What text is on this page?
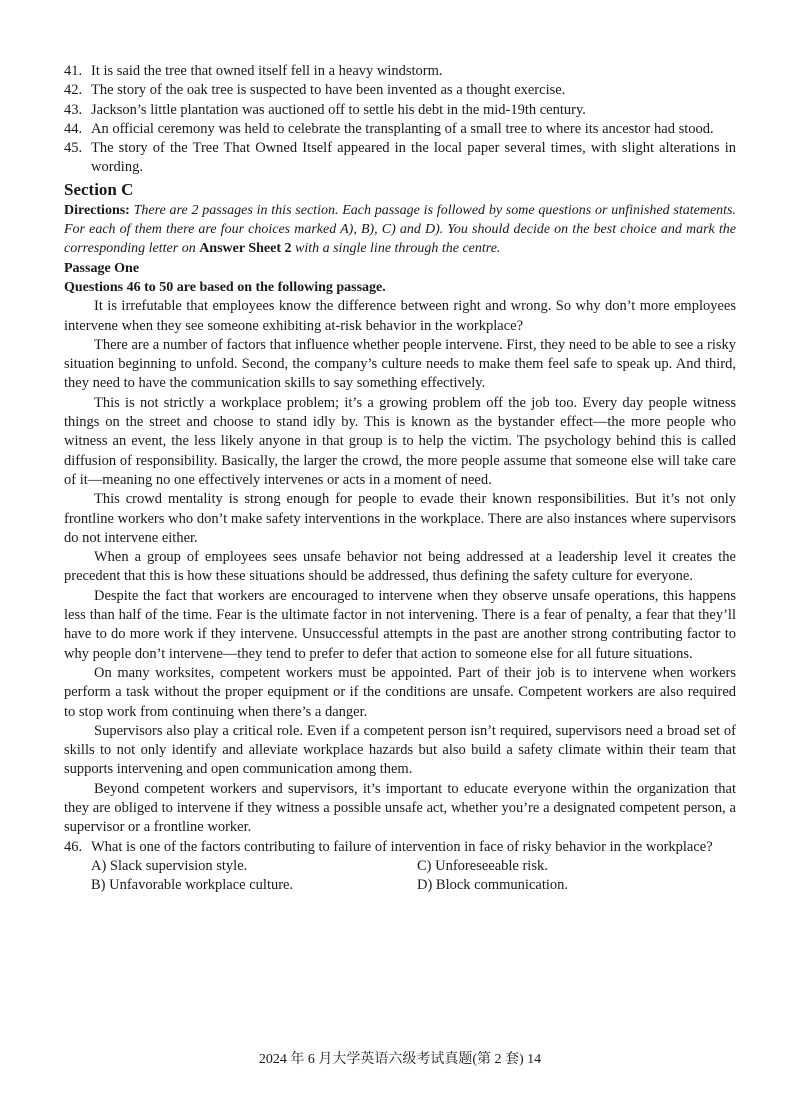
41. It is said the tree that owned itself fell in a heavy windstorm.
42. The story of the oak tree is suspected to have been invented as a thought exercise.
43. Jackson’s little plantation was auctioned off to settle his debt in the mid-19th century.
44. An official ceremony was held to celebrate the transplanting of a small tree to where its ancestor had stood.
45. The story of the Tree That Owned Itself appeared in the local paper several times, with slight alterations in wording.
Section C
Directions: There are 2 passages in this section. Each passage is followed by some questions or unfinished statements. For each of them there are four choices marked A), B), C) and D). You should decide on the best choice and mark the corresponding letter on Answer Sheet 2 with a single line through the centre.
Passage One
Questions 46 to 50 are based on the following passage.
It is irrefutable that employees know the difference between right and wrong. So why don’t more employees intervene when they see someone exhibiting at-risk behavior in the workplace?
There are a number of factors that influence whether people intervene. First, they need to be able to see a risky situation beginning to unfold. Second, the company’s culture needs to make them feel safe to speak up. And third, they need to have the communication skills to say something effectively.
This is not strictly a workplace problem; it’s a growing problem off the job too. Every day people witness things on the street and choose to stand idly by. This is known as the bystander effect—the more people who witness an event, the less likely anyone in that group is to help the victim. The psychology behind this is called diffusion of responsibility. Basically, the larger the crowd, the more people assume that someone else will take care of it—meaning no one effectively intervenes or acts in a moment of need.
This crowd mentality is strong enough for people to evade their known responsibilities. But it’s not only frontline workers who don’t make safety interventions in the workplace. There are also instances where supervisors do not intervene either.
When a group of employees sees unsafe behavior not being addressed at a leadership level it creates the precedent that this is how these situations should be addressed, thus defining the safety culture for everyone.
Despite the fact that workers are encouraged to intervene when they observe unsafe operations, this happens less than half of the time. Fear is the ultimate factor in not intervening. There is a fear of penalty, a fear that they’ll have to do more work if they intervene. Unsuccessful attempts in the past are another strong contributing factor to why people don’t intervene—they tend to prefer to defer that action to someone else for all future situations.
On many worksites, competent workers must be appointed. Part of their job is to intervene when workers perform a task without the proper equipment or if the conditions are unsafe. Competent workers are also required to stop work from continuing when there’s a danger.
Supervisors also play a critical role. Even if a competent person isn’t required, supervisors need a broad set of skills to not only identify and alleviate workplace hazards but also build a safety climate within their team that supports intervening and open communication among them.
Beyond competent workers and supervisors, it’s important to educate everyone within the organization that they are obliged to intervene if they witness a possible unsafe act, whether you’re a designated competent person, a supervisor or a frontline worker.
46. What is one of the factors contributing to failure of intervention in face of risky behavior in the workplace?
A) Slack supervision style.	C) Unforeseeable risk.
B) Unfavorable workplace culture.	D) Block communication.
2024 年 6 月大学英语六级考试真题(第 2 套) 14
